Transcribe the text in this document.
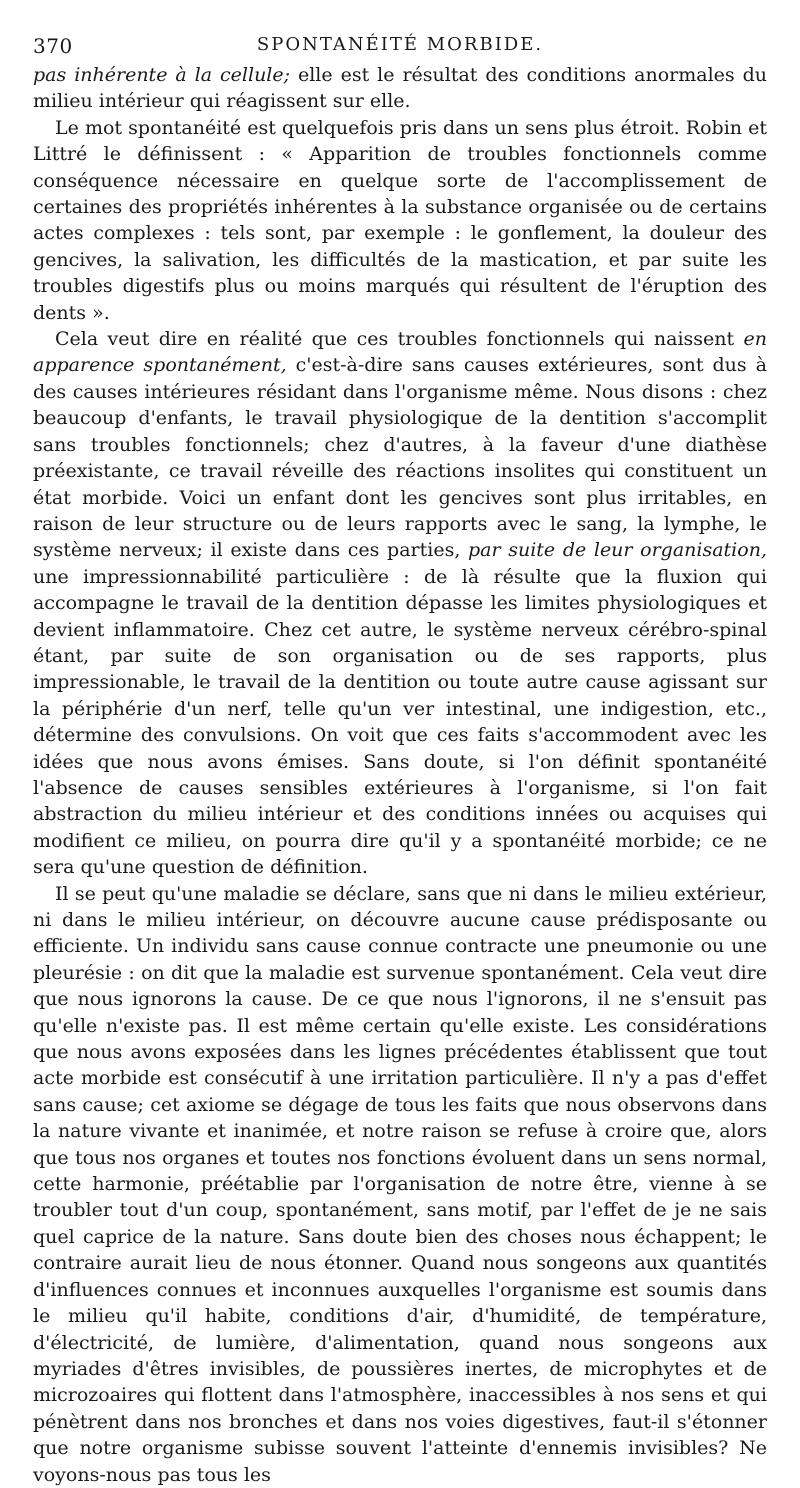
370	SPONTANÉITÉ MORBIDE.

pas inhérente à la cellule; elle est le résultat des conditions anormales du milieu intérieur qui réagissent sur elle.

Le mot spontanéité est quelquefois pris dans un sens plus étroit. Robin et Littré le définissent : « Apparition de troubles fonctionnels comme conséquence nécessaire en quelque sorte de l'accomplissement de certaines des propriétés inhérentes à la substance organisée ou de certains actes complexes : tels sont, par exemple : le gonflement, la douleur des gencives, la salivation, les difficultés de la mastication, et par suite les troubles digestifs plus ou moins marqués qui résultent de l'éruption des dents ».

Cela veut dire en réalité que ces troubles fonctionnels qui naissent en apparence spontanément, c'est-à-dire sans causes extérieures, sont dus à des causes intérieures résidant dans l'organisme même. Nous disons : chez beaucoup d'enfants, le travail physiologique de la dentition s'accomplit sans troubles fonctionnels; chez d'autres, à la faveur d'une diathèse préexistante, ce travail réveille des réactions insolites qui constituent un état morbide. Voici un enfant dont les gencives sont plus irritables, en raison de leur structure ou de leurs rapports avec le sang, la lymphe, le système nerveux; il existe dans ces parties, par suite de leur organisation, une impressionnabilité particulière : de là résulte que la fluxion qui accompagne le travail de la dentition dépasse les limites physiologiques et devient inflammatoire. Chez cet autre, le système nerveux cérébro-spinal étant, par suite de son organisation ou de ses rapports, plus impressionable, le travail de la dentition ou toute autre cause agissant sur la périphérie d'un nerf, telle qu'un ver intestinal, une indigestion, etc., détermine des convulsions. On voit que ces faits s'accommodent avec les idées que nous avons émises. Sans doute, si l'on définit spontanéité l'absence de causes sensibles extérieures à l'organisme, si l'on fait abstraction du milieu intérieur et des conditions innées ou acquises qui modifient ce milieu, on pourra dire qu'il y a spontanéité morbide; ce ne sera qu'une question de définition.

Il se peut qu'une maladie se déclare, sans que ni dans le milieu extérieur, ni dans le milieu intérieur, on découvre aucune cause prédisposante ou efficiente. Un individu sans cause connue contracte une pneumonie ou une pleurésie : on dit que la maladie est survenue spontanément. Cela veut dire que nous ignorons la cause. De ce que nous l'ignorons, il ne s'ensuit pas qu'elle n'existe pas. Il est même certain qu'elle existe. Les considérations que nous avons exposées dans les lignes précédentes établissent que tout acte morbide est consécutif à une irritation particulière. Il n'y a pas d'effet sans cause; cet axiome se dégage de tous les faits que nous observons dans la nature vivante et inanimée, et notre raison se refuse à croire que, alors que tous nos organes et toutes nos fonctions évoluent dans un sens normal, cette harmonie, préétablie par l'organisation de notre être, vienne à se troubler tout d'un coup, spontanément, sans motif, par l'effet de je ne sais quel caprice de la nature. Sans doute bien des choses nous échappent; le contraire aurait lieu de nous étonner. Quand nous songeons aux quantités d'influences connues et inconnues auxquelles l'organisme est soumis dans le milieu qu'il habite, conditions d'air, d'humidité, de température, d'électricité, de lumière, d'alimentation, quand nous songeons aux myriades d'êtres invisibles, de poussières inertes, de microphytes et de microzoaires qui flottent dans l'atmosphère, inaccessibles à nos sens et qui pénètrent dans nos bronches et dans nos voies digestives, faut-il s'étonner que notre organisme subisse souvent l'atteinte d'ennemis invisibles? Ne voyons-nous pas tous les
